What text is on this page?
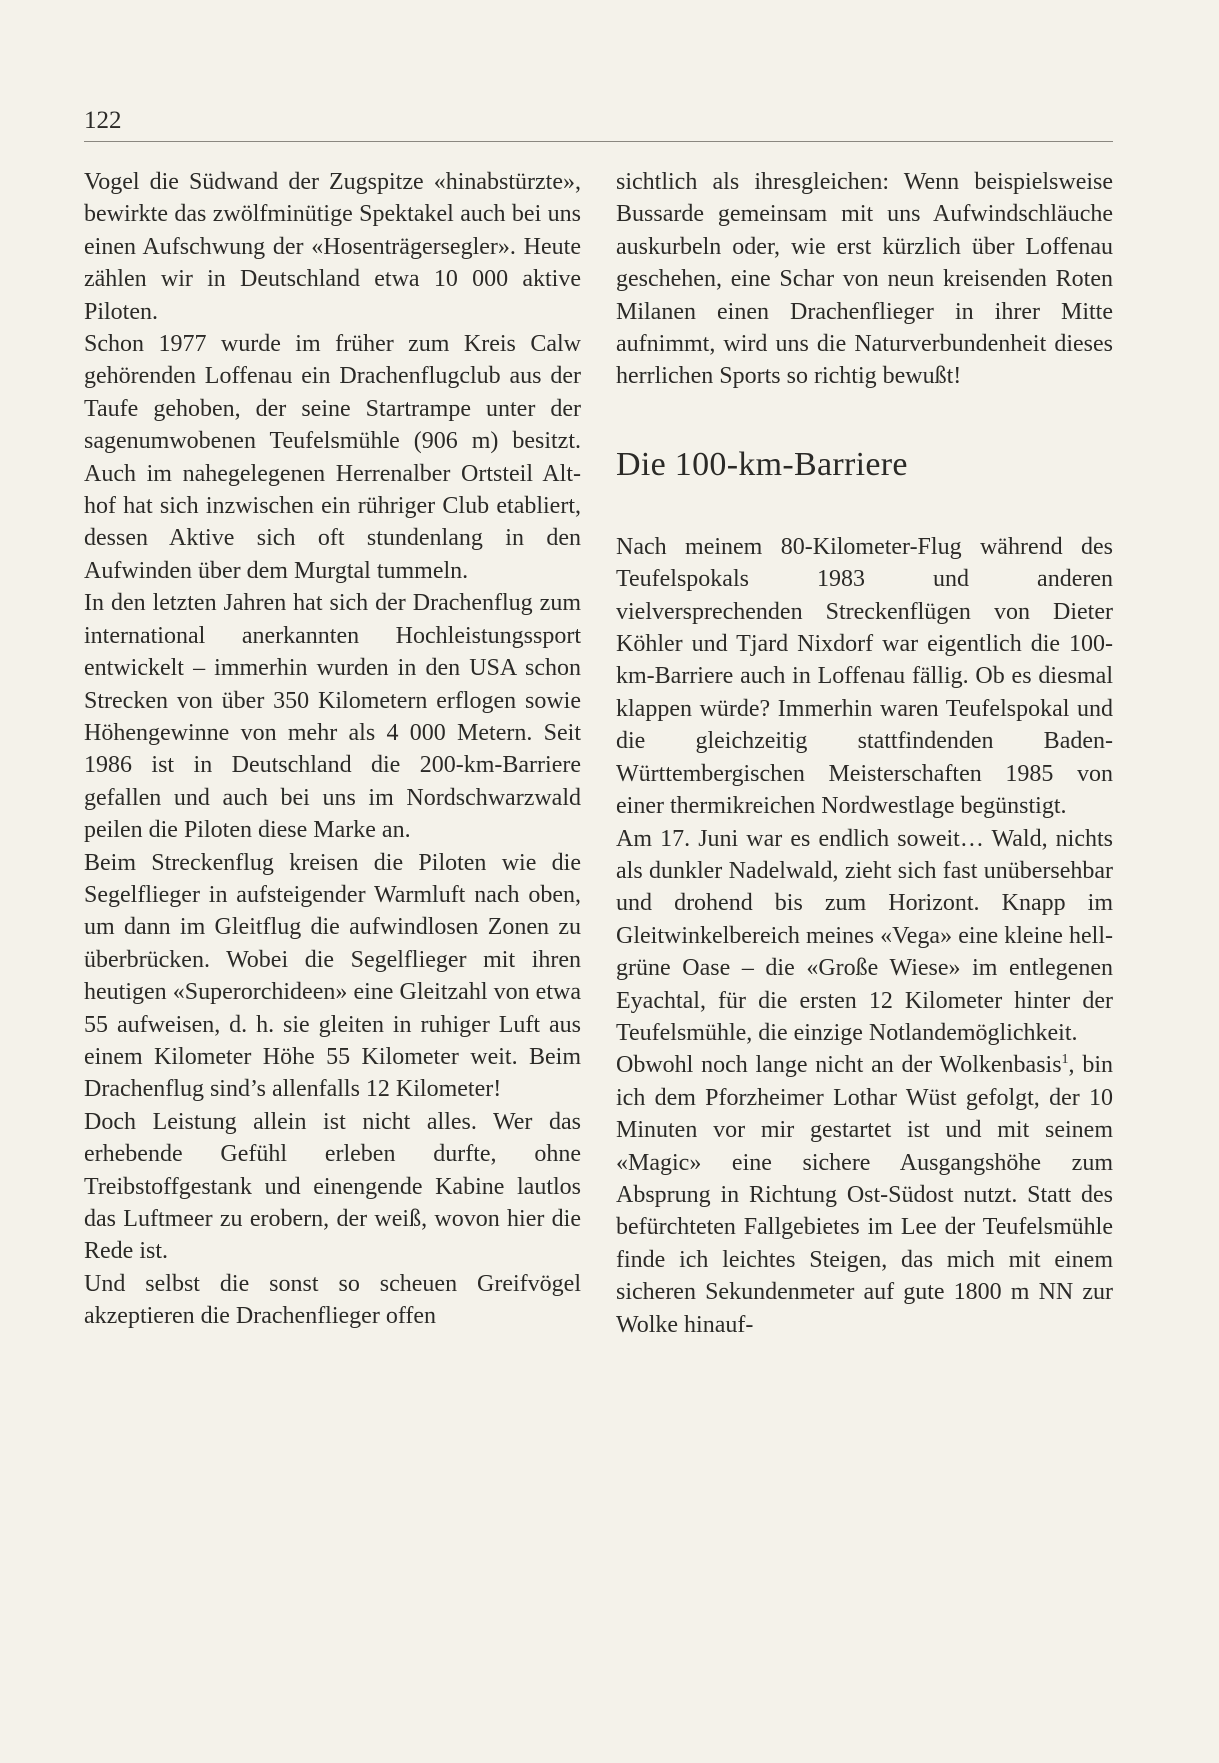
122

Vogel die Südwand der Zugspitze «hinabstürzte», bewirkte das zwölfminütige Spektakel auch bei uns einen Aufschwung der «Hosenträgersegler». Heute zählen wir in Deutschland etwa 10 000 aktive Piloten.

Schon 1977 wurde im früher zum Kreis Calw gehörenden Loffenau ein Drachenflugclub aus der Taufe gehoben, der seine Startrampe unter der sagenumwobenen Teufelsmühle (906 m) besitzt. Auch im nahegelegenen Herrenalber Ortsteil Althof hat sich inzwischen ein rühriger Club etabliert, dessen Aktive sich oft stundenlang in den Aufwinden über dem Murgtal tummeln.

In den letzten Jahren hat sich der Drachenflug zum international anerkannten Hochleistungssport entwickelt – immerhin wurden in den USA schon Strecken von über 350 Kilometern erflogen sowie Höhengewinne von mehr als 4 000 Metern. Seit 1986 ist in Deutschland die 200-km-Barriere gefallen und auch bei uns im Nordschwarzwald peilen die Piloten diese Marke an.

Beim Streckenflug kreisen die Piloten wie die Segelflieger in aufsteigender Warmluft nach oben, um dann im Gleitflug die aufwindlosen Zonen zu überbrücken. Wobei die Segelflieger mit ihren heutigen «Superorchideen» eine Gleitzahl von etwa 55 aufweisen, d. h. sie gleiten in ruhiger Luft aus einem Kilometer Höhe 55 Kilometer weit. Beim Drachenflug sind’s allenfalls 12 Kilometer!

Doch Leistung allein ist nicht alles. Wer das erhebende Gefühl erleben durfte, ohne Treibstoffgestank und einengende Kabine lautlos das Luftmeer zu erobern, der weiß, wovon hier die Rede ist.

Und selbst die sonst so scheuen Greifvögel akzeptieren die Drachenflieger offen

sichtlich als ihresgleichen: Wenn beispielsweise Bussarde gemeinsam mit uns Aufwindschläuche auskurbeln oder, wie erst kürzlich über Loffenau geschehen, eine Schar von neun kreisenden Roten Milanen einen Drachenflieger in ihrer Mitte aufnimmt, wird uns die Naturverbundenheit dieses herrlichen Sports so richtig bewußt!

Die 100-km-Barriere

Nach meinem 80-Kilometer-Flug während des Teufelspokals 1983 und anderen vielversprechenden Streckenflügen von Dieter Köhler und Tjard Nixdorf war eigentlich die 100-km-Barriere auch in Loffenau fällig. Ob es diesmal klappen würde? Immerhin waren Teufelspokal und die gleichzeitig stattfindenden Baden-Württembergischen Meisterschaften 1985 von einer thermikreichen Nordwestlage begünstigt.

Am 17. Juni war es endlich soweit… Wald, nichts als dunkler Nadelwald, zieht sich fast unübersehbar und drohend bis zum Horizont. Knapp im Gleitwinkelbereich meines «Vega» eine kleine hellgrüne Oase – die «Große Wiese» im entlegenen Eyachtal, für die ersten 12 Kilometer hinter der Teufelsmühle, die einzige Notlandemöglichkeit.

Obwohl noch lange nicht an der Wolkenbasis$^1$, bin ich dem Pforzheimer Lothar Wüst gefolgt, der 10 Minuten vor mir gestartet ist und mit seinem «Magic» eine sichere Ausgangshöhe zum Absprung in Richtung Ost-Südost nutzt. Statt des befürchteten Fallgebietes im Lee der Teufelsmühle finde ich leichtes Steigen, das mich mit einem sicheren Sekundenmeter auf gute 1800 m NN zur Wolke hinauf-
